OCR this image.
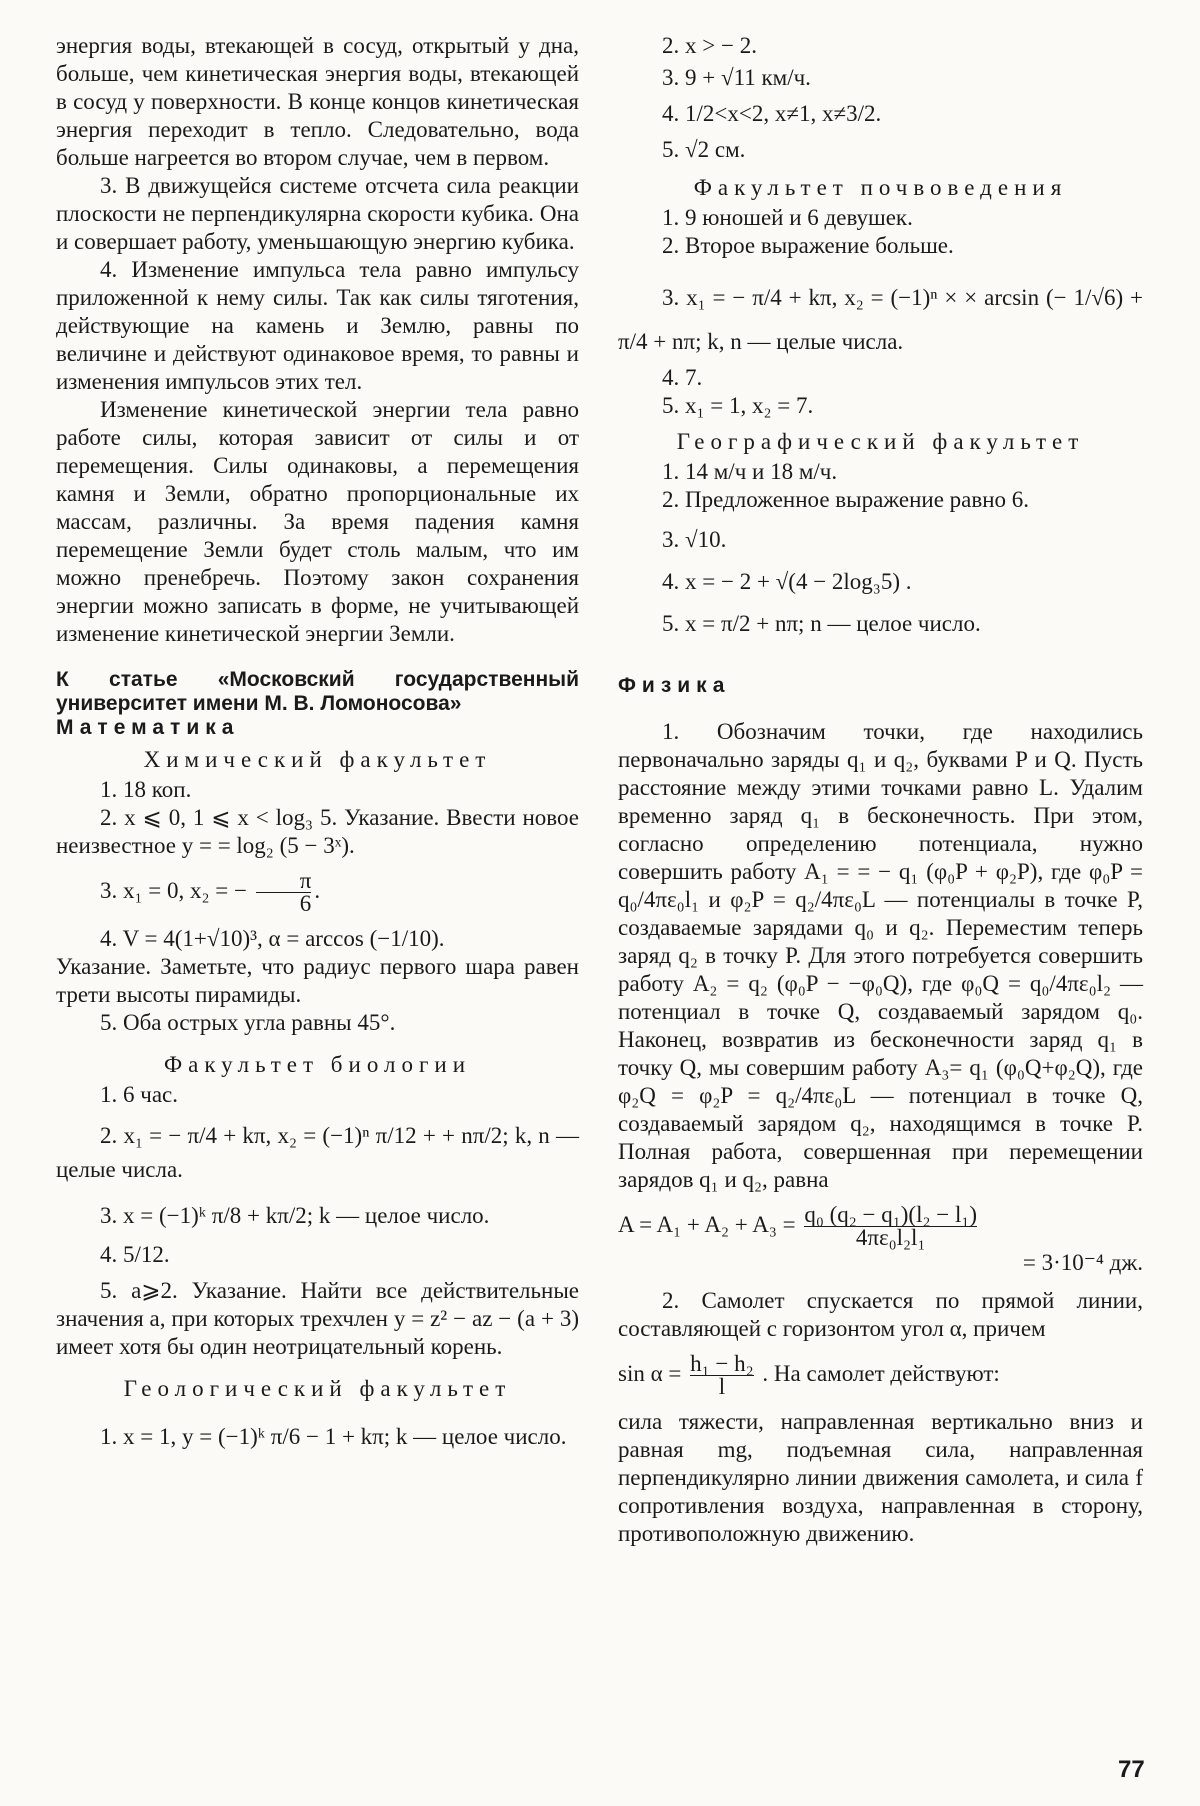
энергия воды, втекающей в сосуд, открытый у дна, больше, чем кинетическая энергия воды, втекающей в сосуд у поверхности. В конце концов кинетическая энергия переходит в тепло. Следовательно, вода больше нагреется во втором случае, чем в первом.

3. В движущейся системе отсчета сила реакции плоскости не перпендикулярна скорости кубика. Она и совершает работу, уменьшающую энергию кубика.

4. Изменение импульса тела равно импульсу приложенной к нему силы. Так как силы тяготения, действующие на камень и Землю, равны по величине и действуют одинаковое время, то равны и изменения импульсов этих тел.

Изменение кинетической энергии тела равно работе силы, которая зависит от силы и от перемещения. Силы одинаковы, а перемещения камня и Земли, обратно пропорциональные их массам, различны. За время падения камня перемещение Земли будет столь малым, что им можно пренебречь. Поэтому закон сохранения энергии можно записать в форме, не учитывающей изменение кинетической энергии Земли.

К статье «Московский государственный университет имени М. В. Ломоносова»

Математика

Химический факультет

1. 18 коп.

2. x ⩽ 0, 1 ⩽ x < log₃ 5. Указание. Ввести новое неизвестное y = = log₂ (5 − 3ˣ).

3. x₁ = 0, x₂ = − $\frac{\pi}{6}$ .

4. V = 4(1+√10)³, α = arccos (−1/10).

Указание. Заметьте, что радиус первого шара равен трети высоты пирамиды.

5. Оба острых угла равны 45°.

Факультет биологии

1. 6 час.

2. x₁ = − π/4 + kπ, x₂ = (−1)ⁿ π/12 + + nπ/2; k, n — целые числа.

3. x = (−1)ᵏ π/8 + kπ/2; k — целое число.

4. 5/12.

5. a⩾2. Указание. Найти все действительные значения a, при которых трехчлен y = z² − az − (a + 3) имеет хотя бы один неотрицательный корень.

Геологический факультет

1. x = 1, y = (−1)ᵏ π/6 − 1 + kπ; k — целое число.

2. x > − 2.

3. 9 + √11 км/ч.

4. 1/2<x<2, x≠1, x≠3/2.

5. √2 см.

Факультет почвоведения

1. 9 юношей и 6 девушек.

2. Второе выражение больше.

3. x₁ = − π/4 + kπ, x₂ = (−1)ⁿ × × arcsin (− 1/√6) + π/4 + nπ; k, n — целые числа.

4. 7.

5. x₁ = 1, x₂ = 7.

Географический факультет

1. 14 м/ч и 18 м/ч.

2. Предложенное выражение равно 6.

3. √10.

4. x = − 2 + √(4 − 2log₃5) .

5. x = π/2 + nπ; n — целое число.

Физика

1. Обозначим точки, где находились первоначально заряды q₁ и q₂, буквами P и Q. Пусть расстояние между этими точками равно L. Удалим временно заряд q₁ в бесконечность. При этом, согласно определению потенциала, нужно совершить работу A₁ = = − q₁ (φ₀P + φ₂P), где φ₀P = q₀/4πε₀l₁ и φ₂P = q₂/4πε₀L — потенциалы в точке P, создаваемые зарядами q₀ и q₂. Переместим теперь заряд q₂ в точку P. Для этого потребуется совершить работу A₂ = q₂ (φ₀P − −φ₀Q), где φ₀Q = q₀/4πε₀l₂ — потенциал в точке Q, создаваемый зарядом q₀. Наконец, возвратив из бесконечности заряд q₁ в точку Q, мы совершим работу A₃= q₁ (φ₀Q+φ₂Q), где φ₂Q = φ₂P = q₂/4πε₀L — потенциал в точке Q, создаваемый зарядом q₂, находящимся в точке P. Полная работа, совершенная при перемещении зарядов q₁ и q₂, равна

$A = A_1 + A_2 + A_3 = \frac{\text{q₀ (q₂ − q₁)(l₂ − l₁)}}{\text{4πε₀l₂l₁}}$
= 3·10⁻⁴ дж.

2. Самолет спускается по прямой линии, составляющей с горизонтом угол α, причем

$\sin \alpha = \frac{\text{h₁ − h₂}}{l}$ . На самолет действуют:

сила тяжести, направленная вертикально вниз и равная mg, подъемная сила, направленная перпендикулярно линии движения самолета, и сила f сопротивления воздуха, направленная в сторону, противоположную движению.

77
